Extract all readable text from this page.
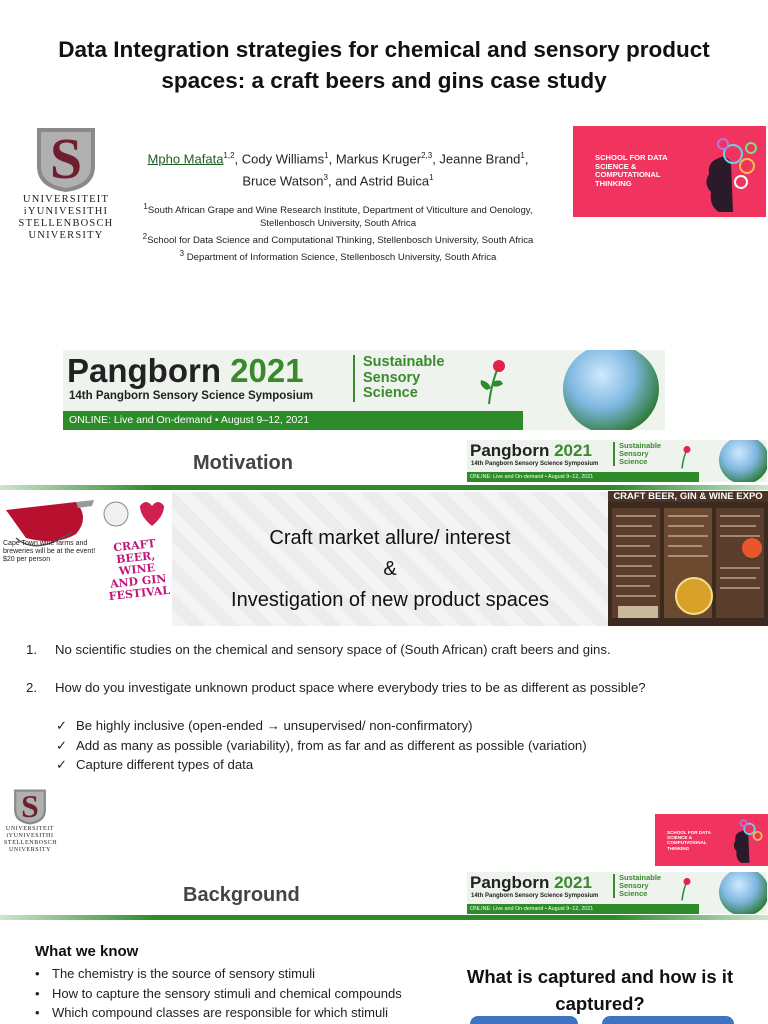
Data Integration strategies for chemical and sensory product spaces: a craft beers and gins case study
S
UNIVERSITEIT
iYUNIVESITHI
STELLENBOSCH
UNIVERSITY
Mpho Mafata$^{1,2}$, Cody Williams$^1$, Markus Kruger$^{2,3}$, Jeanne Brand$^1$,
Bruce Watson$^3$, and Astrid Buica$^1$
$^1$South African Grape and Wine Research Institute, Department of Viticulture and Oenology, Stellenbosch University, South Africa
$^2$School for Data Science and Computational Thinking, Stellenbosch University, South Africa
$^3$ Department of Information Science, Stellenbosch University, South Africa
SCHOOL FOR DATA SCIENCE & COMPUTATIONAL THINKING
Pangborn 2021
14th Pangborn Sensory Science Symposium
Sustainable
Sensory
Science
ONLINE: Live and On-demand • August 9–12, 2021
Motivation
Pangborn 2021
14th Pangborn Sensory Science Symposium
Sustainable
Sensory
Science
ONLINE: Live and On-demand • August 9–12, 2021
Cape Town wine farms and breweries will be at the event! $20 per person
CRAFT BEER, WINE AND GIN FESTIVAL
Craft market allure/ interest
&
Investigation of new product spaces
CRAFT BEER, GIN & WINE EXPO
1. No scientific studies on the chemical and sensory space of (South African) craft beers and gins.
2. How do you investigate unknown product space where everybody tries to be as different as possible?
✓ Be highly inclusive (open-ended → unsupervised/ non-confirmatory)
✓ Add as many as possible (variability), from as far and as different as possible (variation)
✓ Capture different types of data
S
UNIVERSITEIT
iYUNIVESITHI
STELLENBOSCH
UNIVERSITY
SCHOOL FOR DATA SCIENCE & COMPUTATIONAL THINKING
Background
Pangborn 2021
14th Pangborn Sensory Science Symposium
Sustainable
Sensory
Science
ONLINE: Live and On-demand • August 9–12, 2021
What we know
• The chemistry is the source of sensory stimuli
• How to capture the sensory stimuli and chemical compounds
• Which compound classes are responsible for which stimuli
What is captured and how is it captured?
